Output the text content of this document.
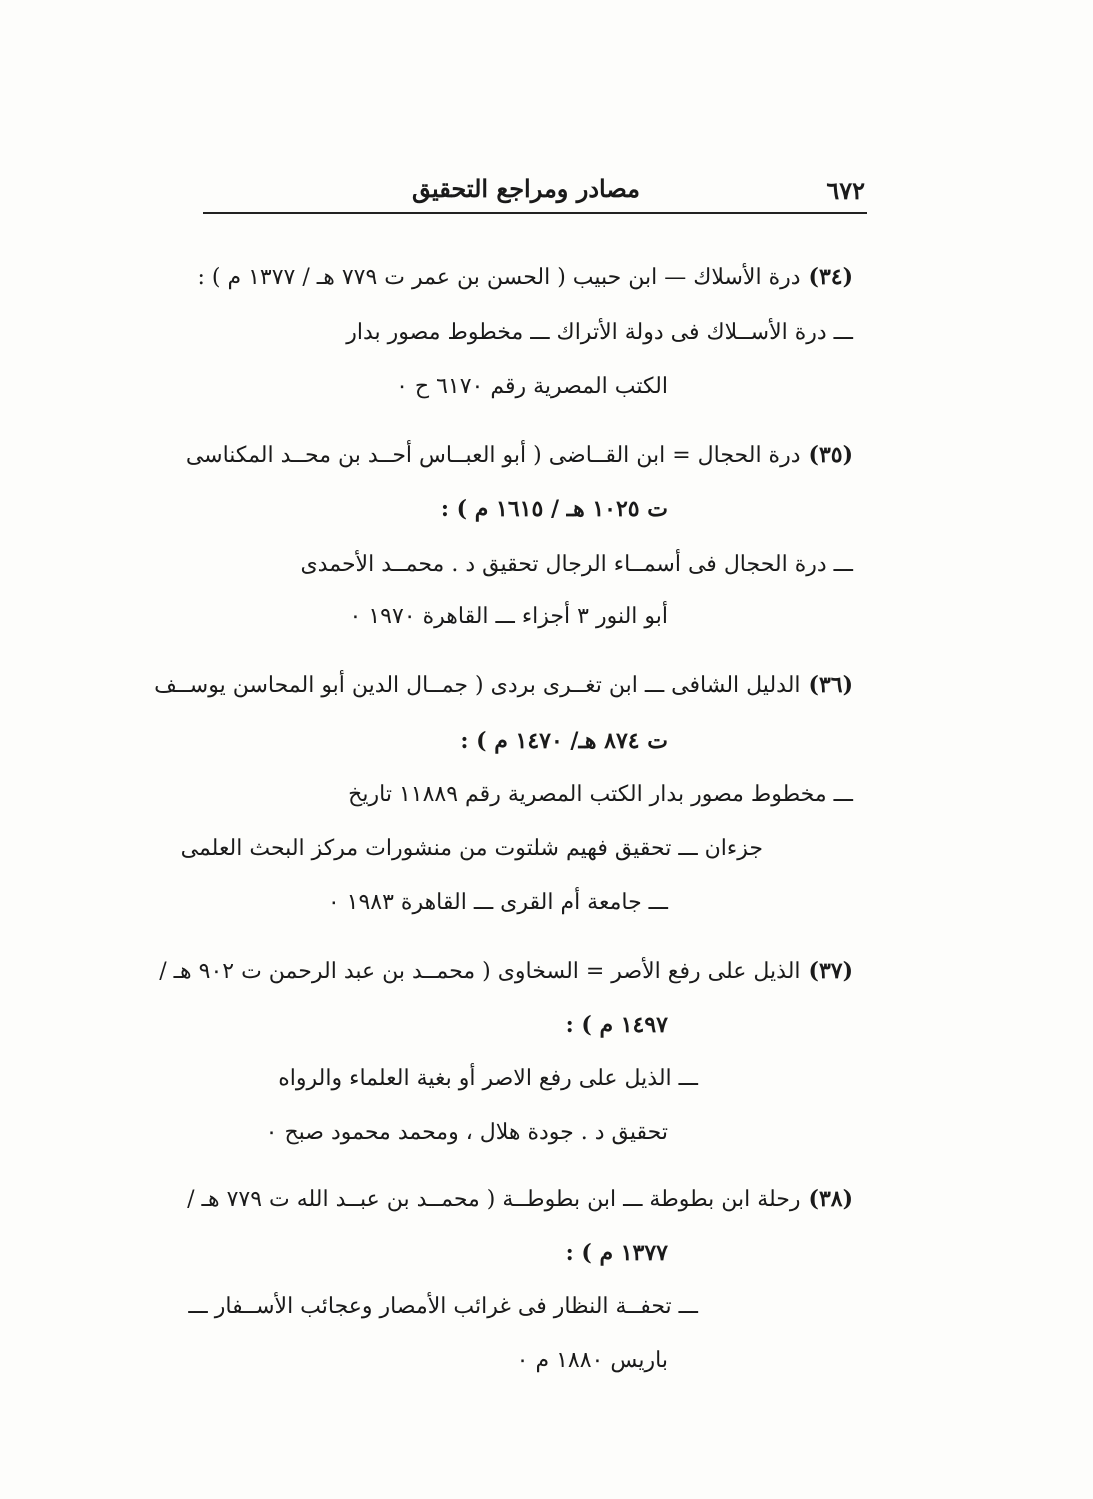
٦٧٢
مصادر ومراجع التحقيق
(٣٤)درة الأسلاك — ابن حبيب ( الحسن بن عمر ت ٧٧٩ هـ / ١٣٧٧ م ) :
ـــ درة الأســلاك فى دولة الأتراك ـــ مخطوط مصور بدار
الكتب المصرية رقم ٦١٧٠ ح ٠
(٣٥)درة الحجال = ابن القــاضى ( أبو العبــاس أحــد بن محــد المكناسى
ت ١٠٢٥ هـ / ١٦١٥ م ) :
ـــ درة الحجال فى أسمــاء الرجال تحقيق د . محمــد الأحمدى
أبو النور ٣ أجزاء ـــ القاهرة ١٩٧٠ ٠
(٣٦)الدليل الشافى ـــ ابن تغــرى بردى ( جمــال الدين أبو المحاسن يوســف
ت ٨٧٤ هـ/ ١٤٧٠ م ) :
ـــ مخطوط مصور بدار الكتب المصرية رقم ١١٨٨٩ تاريخ
جزءان ـــ تحقيق فهيم شلتوت من منشورات مركز البحث العلمى
ـــ جامعة أم القرى ـــ القاهرة ١٩٨٣ ٠
(٣٧)الذيل على رفع الأصر = السخاوى ( محمــد بن عبد الرحمن ت ٩٠٢ هـ /
١٤٩٧ م ) :
ـــ الذيل على رفع الاصر أو بغية العلماء والرواه
تحقيق د . جودة هلال ، ومحمد محمود صبح ٠
(٣٨)رحلة ابن بطوطة ـــ ابن بطوطــة ( محمــد بن عبــد الله ت ٧٧٩ هـ /
١٣٧٧ م ) :
ـــ تحفــة النظار فى غرائب الأمصار وعجائب الأســفار ـــ
باريس ١٨٨٠ م ٠
